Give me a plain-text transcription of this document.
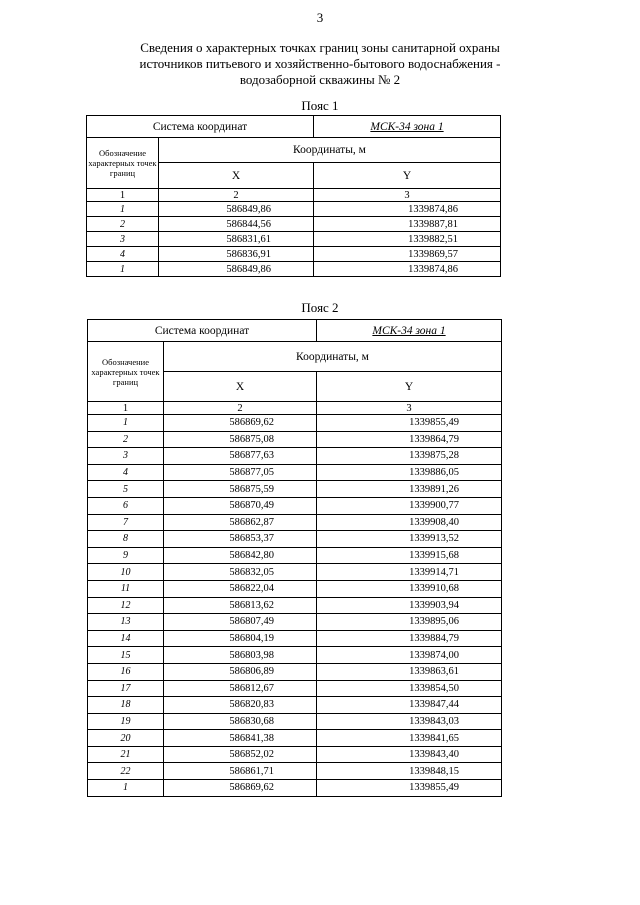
3
Сведения о характерных точках границ зоны санитарной охраны
источников питьевого и хозяйственно-бытового водоснабжения -
водозаборной скважины № 2
Пояс 1
Система координат		МСК-34 зона 1
Обозначение характерных точек границ	Координаты, м	
	X	Y
1	2	3
1	586849,86	1339874,86
2	586844,56	1339887,81
3	586831,61	1339882,51
4	586836,91	1339869,57
1	586849,86	1339874,86
Пояс 2
Система координат		МСК-34 зона 1
Обозначение характерных точек границ	Координаты, м	
	X	Y
1	2	3
1	586869,62	1339855,49
2	586875,08	1339864,79
3	586877,63	1339875,28
4	586877,05	1339886,05
5	586875,59	1339891,26
6	586870,49	1339900,77
7	586862,87	1339908,40
8	586853,37	1339913,52
9	586842,80	1339915,68
10	586832,05	1339914,71
11	586822,04	1339910,68
12	586813,62	1339903,94
13	586807,49	1339895,06
14	586804,19	1339884,79
15	586803,98	1339874,00
16	586806,89	1339863,61
17	586812,67	1339854,50
18	586820,83	1339847,44
19	586830,68	1339843,03
20	586841,38	1339841,65
21	586852,02	1339843,40
22	586861,71	1339848,15
1	586869,62	1339855,49
